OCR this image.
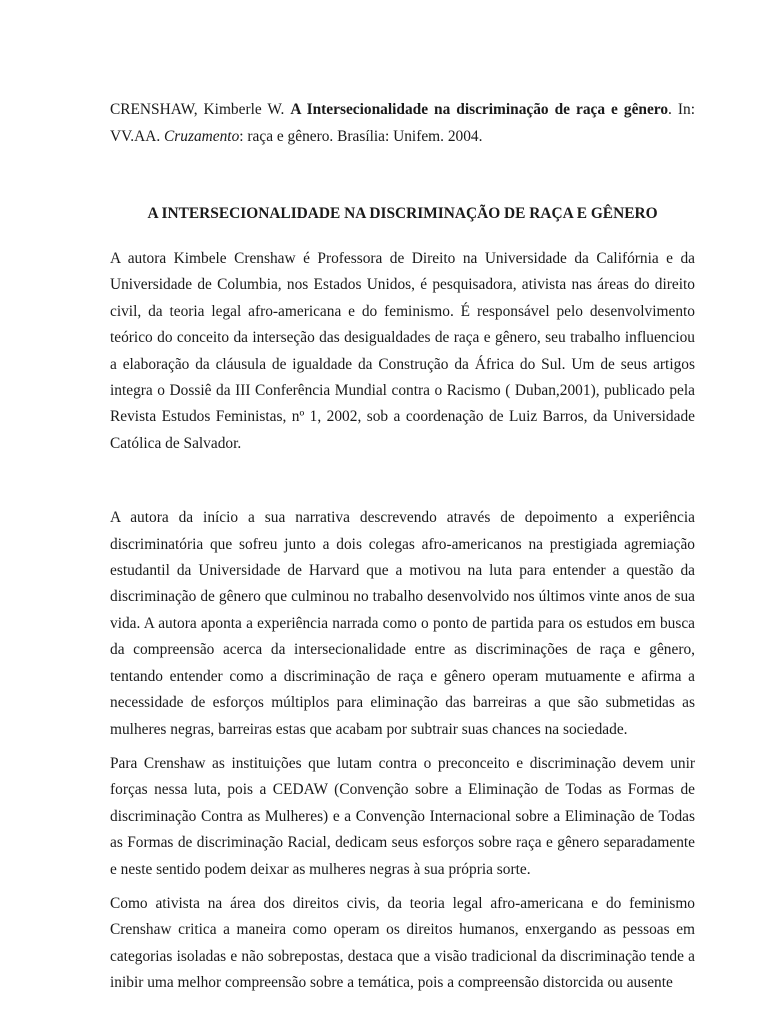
CRENSHAW, Kimberle W. A Intersecionalidade na discriminação de raça e gênero. In:
VV.AA. Cruzamento: raça e gênero. Brasília: Unifem. 2004.

A INTERSECIONALIDADE NA DISCRIMINAÇÃO DE RAÇA E GÊNERO

A autora Kimbele Crenshaw é Professora de Direito na Universidade da Califórnia e da Universidade de Columbia, nos Estados Unidos, é pesquisadora, ativista nas áreas do direito civil, da teoria legal afro-americana e do feminismo. É responsável pelo desenvolvimento teórico do conceito da interseção das desigualdades de raça e gênero, seu trabalho influenciou a elaboração da cláusula de igualdade da Construção da África do Sul. Um de seus artigos integra o Dossiê da III Conferência Mundial contra o Racismo ( Duban,2001), publicado pela Revista Estudos Feministas, nº 1, 2002, sob a coordenação de Luiz Barros, da Universidade Católica de Salvador.

A autora da início a sua narrativa descrevendo através de depoimento a experiência discriminatória que sofreu junto a dois colegas afro-americanos na prestigiada agremiação estudantil da Universidade de Harvard que a motivou na luta para entender a questão da discriminação de gênero que culminou no trabalho desenvolvido nos últimos vinte anos de sua vida. A autora aponta a experiência narrada como o ponto de partida para os estudos em busca da compreensão acerca da intersecionalidade entre as discriminações de raça e gênero, tentando entender como a discriminação de raça e gênero operam mutuamente e afirma a necessidade de esforços múltiplos para eliminação das barreiras a que são submetidas as mulheres negras, barreiras estas que acabam por subtrair suas chances na sociedade.

Para Crenshaw as instituições que lutam contra o preconceito e discriminação devem unir forças nessa luta, pois a CEDAW (Convenção sobre a Eliminação de Todas as Formas de discriminação Contra as Mulheres) e a Convenção Internacional sobre a Eliminação de Todas as Formas de discriminação Racial, dedicam seus esforços sobre raça e gênero separadamente e neste sentido podem deixar as mulheres negras à sua própria sorte.

Como ativista na área dos direitos civis, da teoria legal afro-americana e do feminismo Crenshaw critica a maneira como operam os direitos humanos, enxergando as pessoas em categorias isoladas e não sobrepostas, destaca que a visão tradicional da discriminação tende a inibir uma melhor compreensão sobre a temática, pois a compreensão distorcida ou ausente
